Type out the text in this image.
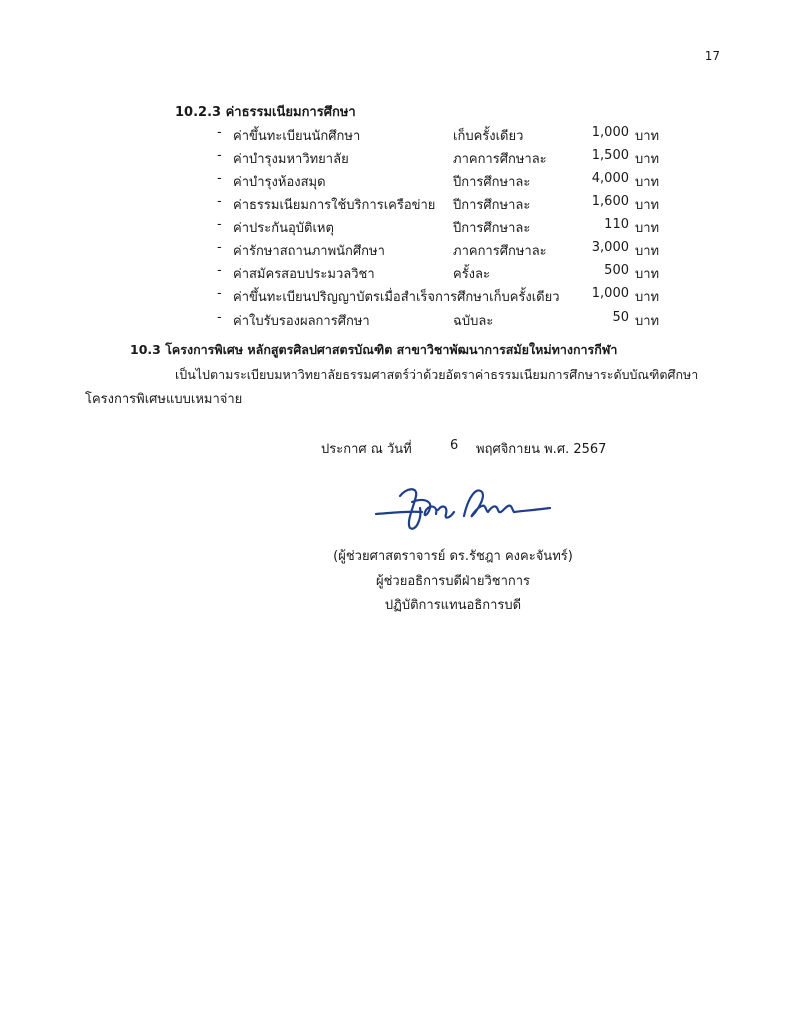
17
10.2.3 ค่าธรรมเนียมการศึกษา
- ค่าขึ้นทะเบียนนักศึกษา	เก็บครั้งเดียว	1,000 บาท
- ค่าบำรุงมหาวิทยาลัย	ภาคการศึกษาละ	1,500 บาท
- ค่าบำรุงห้องสมุด	ปีการศึกษาละ	4,000 บาท
- ค่าธรรมเนียมการใช้บริการเครือข่าย ปีการศึกษาละ	1,600 บาท
- ค่าประกันอุบัติเหตุ	ปีการศึกษาละ	110 บาท
- ค่ารักษาสถานภาพนักศึกษา	ภาคการศึกษาละ	3,000 บาท
- ค่าสมัครสอบประมวลวิชา	ครั้งละ	500 บาท
- ค่าขึ้นทะเบียนปริญญาบัตรเมื่อสำเร็จการศึกษาเก็บครั้งเดียว	1,000 บาท
- ค่าใบรับรองผลการศึกษา	ฉบับละ	50 บาท
10.3 โครงการพิเศษ หลักสูตรศิลปศาสตรบัณฑิต สาขาวิชาพัฒนาการสมัยใหม่ทางการกีฬา
เป็นไปตามระเบียบมหาวิทยาลัยธรรมศาสตร์ว่าด้วยอัตราค่าธรรมเนียมการศึกษาระดับบัณฑิตศึกษา
โครงการพิเศษแบบเหมาจ่าย
ประกาศ ณ วันที่	6 พฤศจิกายน พ.ศ. 2567
(ผู้ช่วยศาสตราจารย์ ดร.รัชฎา คงคะจันทร์)
ผู้ช่วยอธิการบดีฝ่ายวิชาการ
ปฏิบัติการแทนอธิการบดี
